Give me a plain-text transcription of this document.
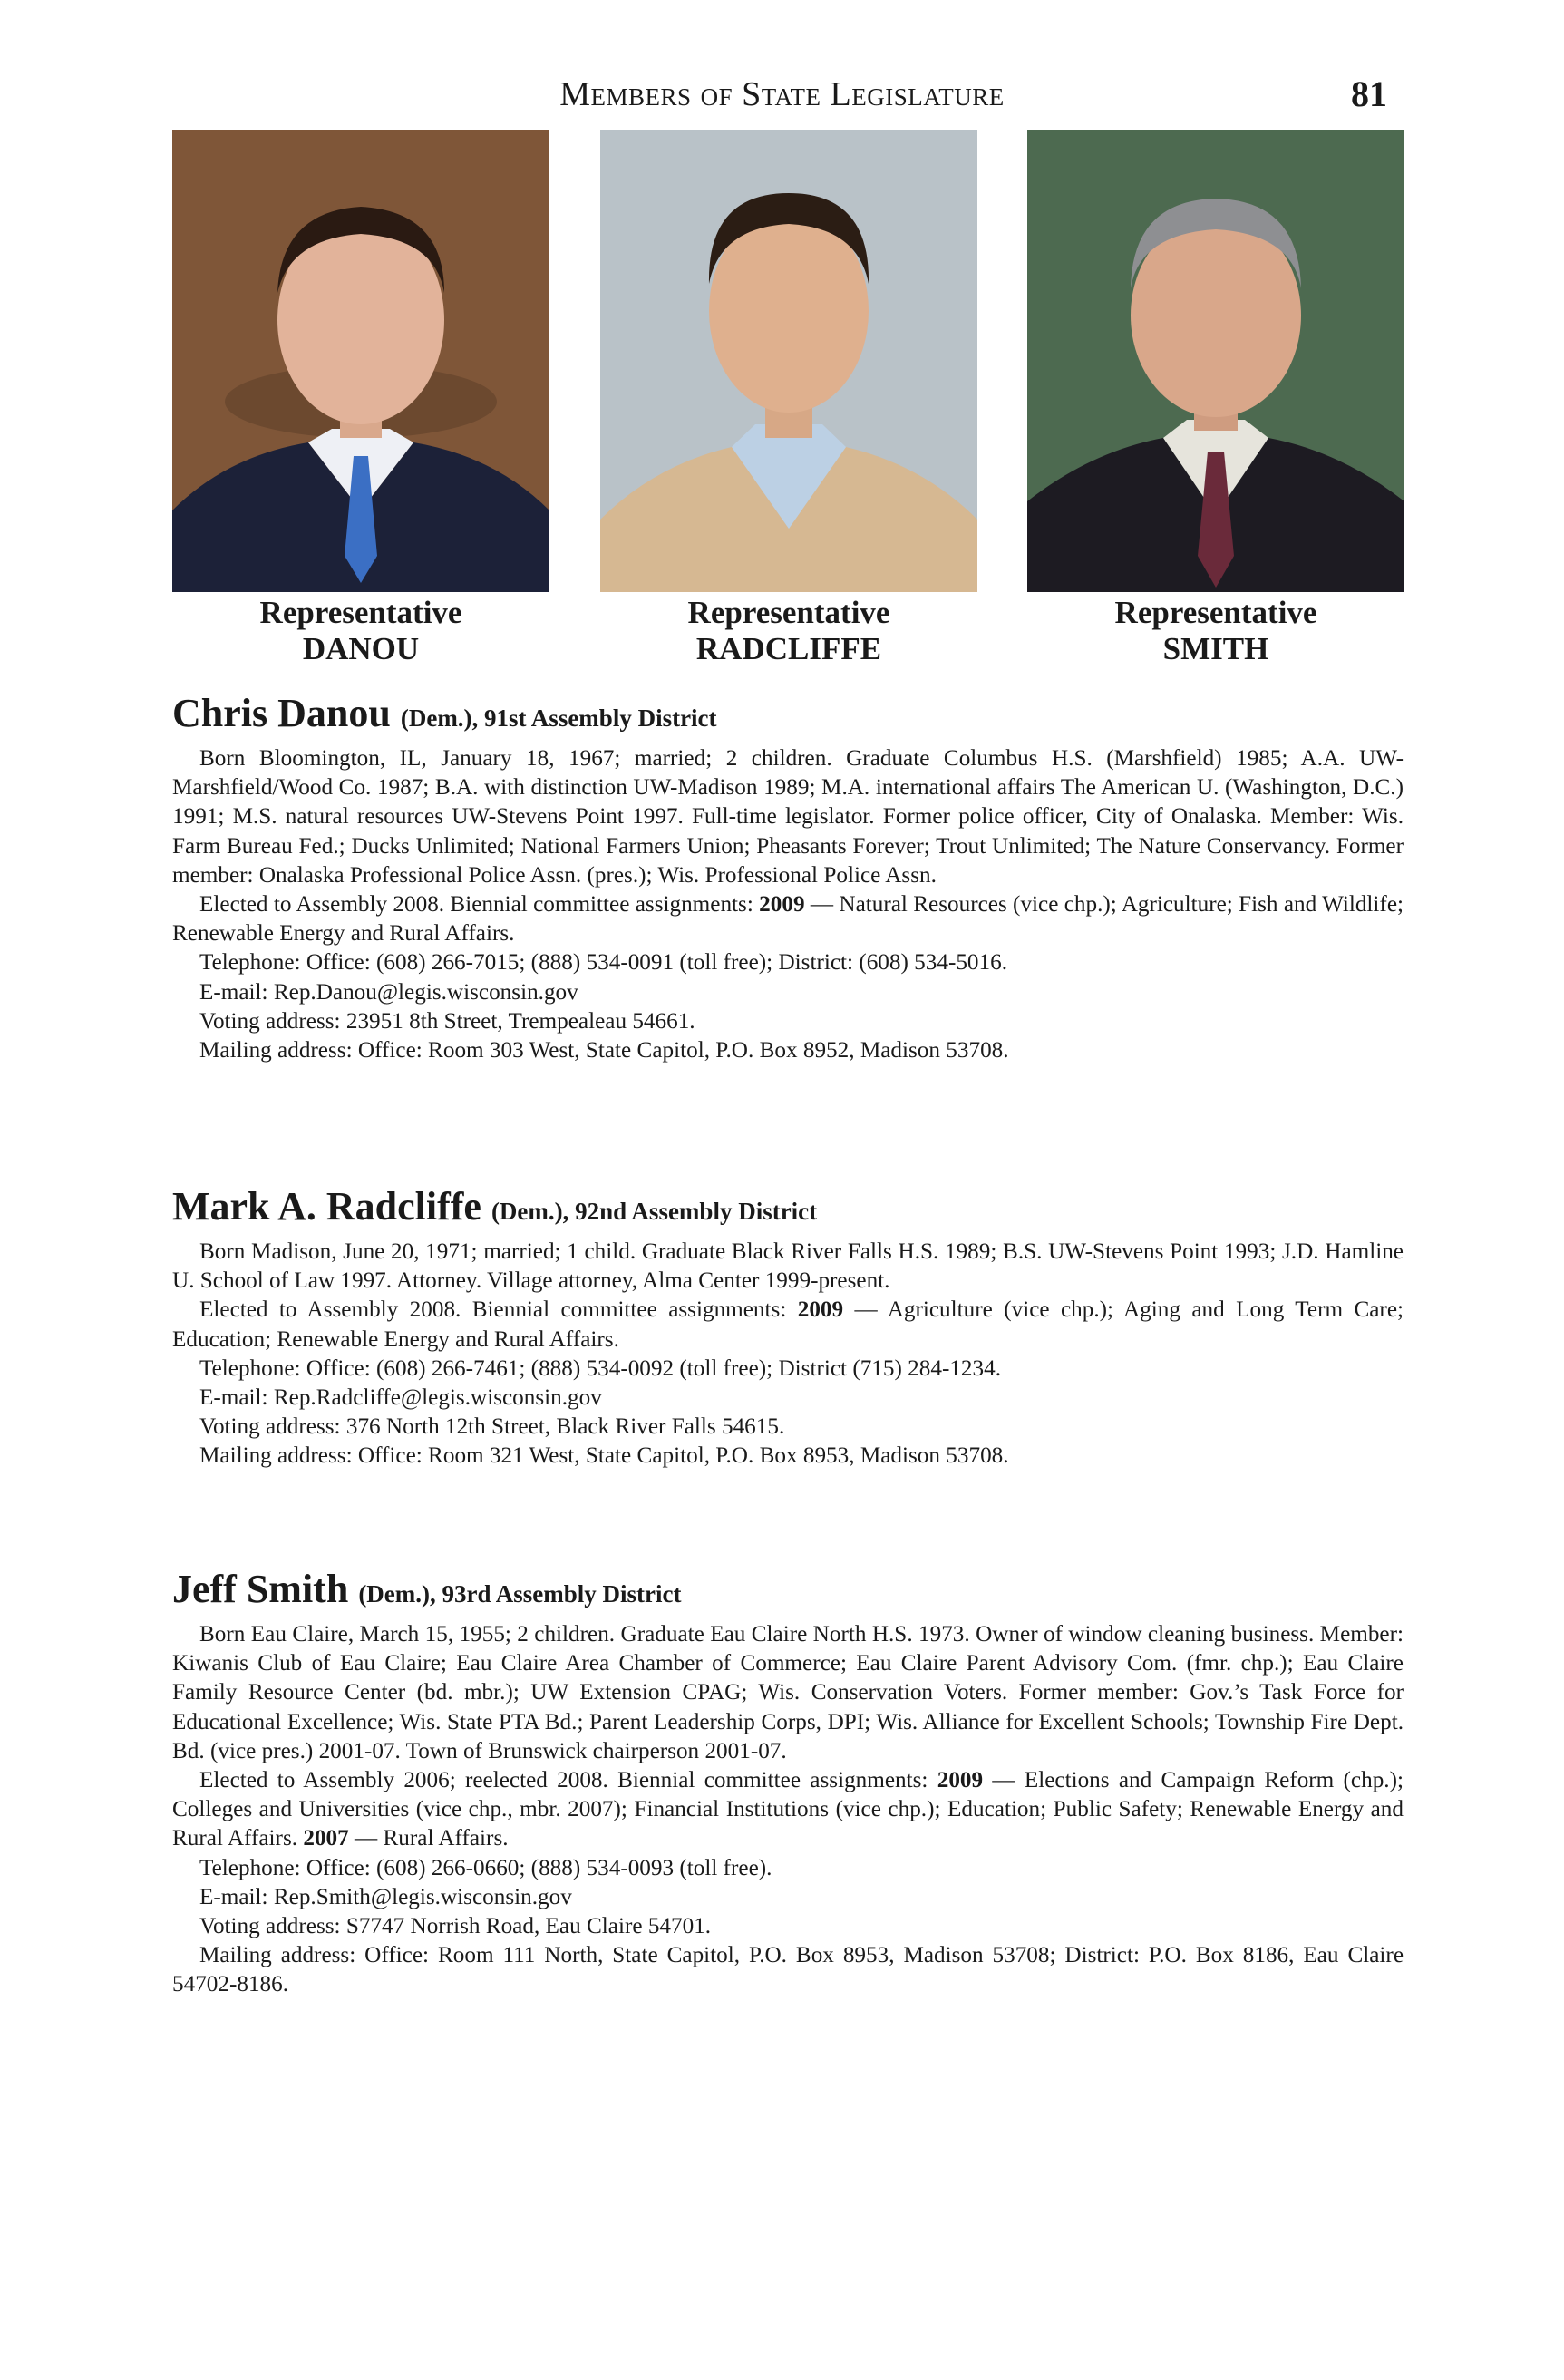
Members of State Legislature	81
Representative
DANOU
Representative
RADCLIFFE
Representative
SMITH
Chris Danou (Dem.), 91st Assembly District

Born Bloomington, IL, January 18, 1967; married; 2 children. Graduate Columbus H.S. (Marshfield) 1985; A.A. UW-Marshfield/Wood Co. 1987; B.A. with distinction UW-Madison 1989; M.A. international affairs The American U. (Washington, D.C.) 1991; M.S. natural resources UW-Stevens Point 1997. Full-time legislator. Former police officer, City of Onalaska. Member: Wis. Farm Bureau Fed.; Ducks Unlimited; National Farmers Union; Pheasants Forever; Trout Unlimited; The Nature Conservancy. Former member: Onalaska Professional Police Assn. (pres.); Wis. Professional Police Assn.

Elected to Assembly 2008. Biennial committee assignments: 2009 — Natural Resources (vice chp.); Agriculture; Fish and Wildlife; Renewable Energy and Rural Affairs.

Telephone: Office: (608) 266-7015; (888) 534-0091 (toll free); District: (608) 534-5016.

E-mail: Rep.Danou@legis.wisconsin.gov

Voting address: 23951 8th Street, Trempealeau 54661.

Mailing address: Office: Room 303 West, State Capitol, P.O. Box 8952, Madison 53708.

Mark A. Radcliffe (Dem.), 92nd Assembly District

Born Madison, June 20, 1971; married; 1 child. Graduate Black River Falls H.S. 1989; B.S. UW-Stevens Point 1993; J.D. Hamline U. School of Law 1997. Attorney. Village attorney, Alma Center 1999-present.

Elected to Assembly 2008. Biennial committee assignments: 2009 — Agriculture (vice chp.); Aging and Long Term Care; Education; Renewable Energy and Rural Affairs.

Telephone: Office: (608) 266-7461; (888) 534-0092 (toll free); District (715) 284-1234.

E-mail: Rep.Radcliffe@legis.wisconsin.gov

Voting address: 376 North 12th Street, Black River Falls 54615.

Mailing address: Office: Room 321 West, State Capitol, P.O. Box 8953, Madison 53708.

Jeff Smith (Dem.), 93rd Assembly District

Born Eau Claire, March 15, 1955; 2 children. Graduate Eau Claire North H.S. 1973. Owner of window cleaning business. Member: Kiwanis Club of Eau Claire; Eau Claire Area Chamber of Commerce; Eau Claire Parent Advisory Com. (fmr. chp.); Eau Claire Family Resource Center (bd. mbr.); UW Extension CPAG; Wis. Conservation Voters. Former member: Gov.’s Task Force for Educational Excellence; Wis. State PTA Bd.; Parent Leadership Corps, DPI; Wis. Alliance for Excellent Schools; Township Fire Dept. Bd. (vice pres.) 2001-07. Town of Brunswick chairperson 2001-07.

Elected to Assembly 2006; reelected 2008. Biennial committee assignments: 2009 — Elections and Campaign Reform (chp.); Colleges and Universities (vice chp., mbr. 2007); Financial Institutions (vice chp.); Education; Public Safety; Renewable Energy and Rural Affairs. 2007 — Rural Affairs.

Telephone: Office: (608) 266-0660; (888) 534-0093 (toll free).

E-mail: Rep.Smith@legis.wisconsin.gov

Voting address: S7747 Norrish Road, Eau Claire 54701.

Mailing address: Office: Room 111 North, State Capitol, P.O. Box 8953, Madison 53708; District: P.O. Box 8186, Eau Claire 54702-8186.
